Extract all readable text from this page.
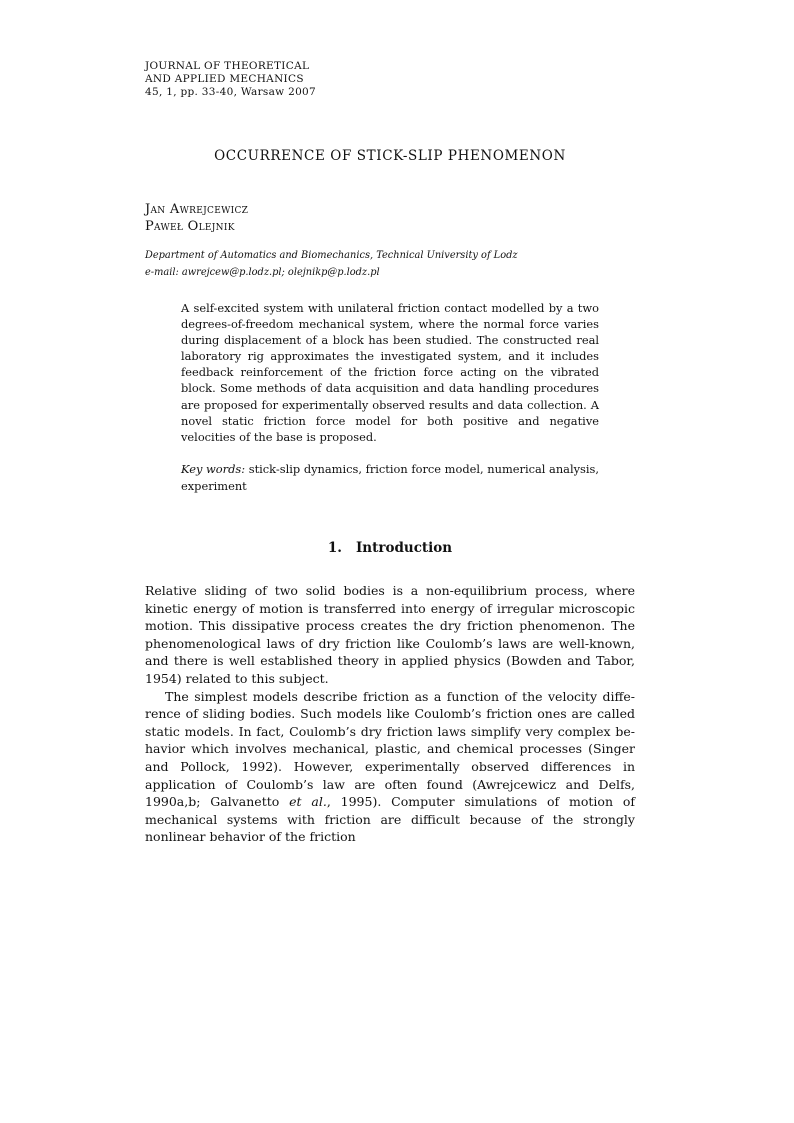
JOURNAL OF THEORETICAL
AND APPLIED MECHANICS
45, 1, pp. 33-40, Warsaw 2007
OCCURRENCE OF STICK-SLIP PHENOMENON
Jan Awrejcewicz
Paweł Olejnik
Department of Automatics and Biomechanics, Technical University of Lodz
e-mail: awrejcew@p.lodz.pl; olejnikp@p.lodz.pl

A self-excited system with unilateral friction contact modelled by a two degrees-of-freedom mechanical system, where the normal force varies during displacement of a block has been studied. The constructed real laboratory rig approximates the investigated system, and it includes feedback reinforcement of the friction force acting on the vibrated block. Some methods of data acquisition and data handling procedures are proposed for experimentally observed results and data collection. A novel static friction force model for both positive and negative velocities of the base is proposed.

Key words: stick-slip dynamics, friction force model, numerical analysis, experiment
1. Introduction

Relative sliding of two solid bodies is a non-equilibrium process, where kinetic energy of motion is transferred into energy of irregular microscopic motion. This dissipative process creates the dry friction phenomenon. The phenomenological laws of dry friction like Coulomb’s laws are well-known, and there is well established theory in applied physics (Bowden and Tabor, 1954) related to this subject.

The simplest models describe friction as a function of the velocity difference of sliding bodies. Such models like Coulomb’s friction ones are called static models. In fact, Coulomb’s dry friction laws simplify very complex behavior which involves mechanical, plastic, and chemical processes (Singer and Pollock, 1992). However, experimentally observed differences in application of Coulomb’s law are often found (Awrejcewicz and Delfs, 1990a,b; Galvanetto et al., 1995). Computer simulations of motion of mechanical systems with friction are difficult because of the strongly nonlinear behavior of the friction
